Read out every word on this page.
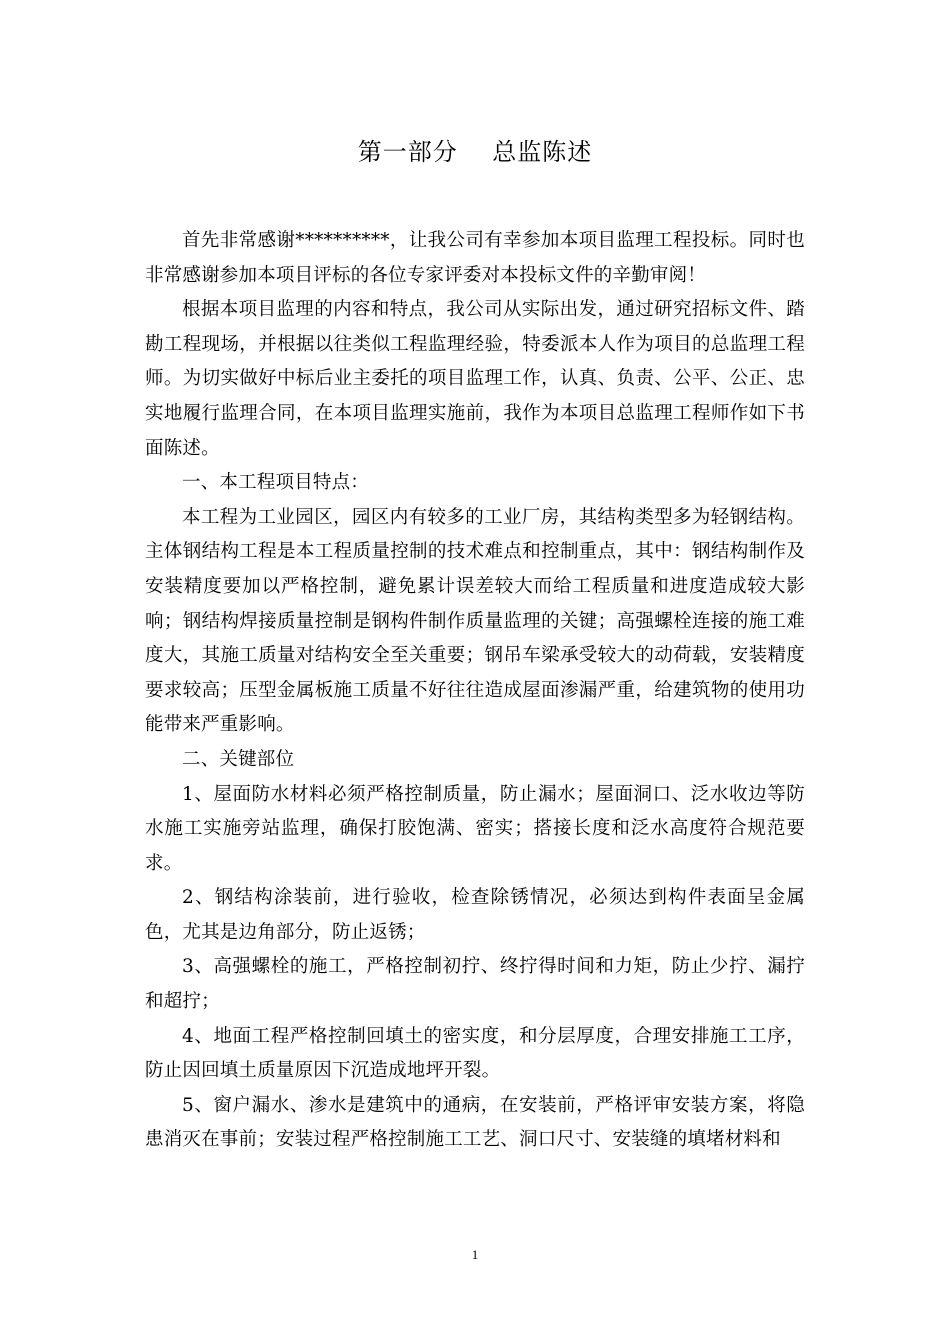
第一部分    总监陈述

首先非常感谢**********，让我公司有幸参加本项目监理工程投标。同时也非常感谢参加本项目评标的各位专家评委对本投标文件的辛勤审阅！

根据本项目监理的内容和特点，我公司从实际出发，通过研究招标文件、踏勘工程现场，并根据以往类似工程监理经验，特委派本人作为项目的总监理工程师。为切实做好中标后业主委托的项目监理工作，认真、负责、公平、公正、忠实地履行监理合同，在本项目监理实施前，我作为本项目总监理工程师作如下书面陈述。

一、本工程项目特点：

本工程为工业园区，园区内有较多的工业厂房，其结构类型多为轻钢结构。主体钢结构工程是本工程质量控制的技术难点和控制重点，其中：钢结构制作及安装精度要加以严格控制，避免累计误差较大而给工程质量和进度造成较大影响；钢结构焊接质量控制是钢构件制作质量监理的关键；高强螺栓连接的施工难度大，其施工质量对结构安全至关重要；钢吊车梁承受较大的动荷载，安装精度要求较高；压型金属板施工质量不好往往造成屋面渗漏严重，给建筑物的使用功能带来严重影响。

二、关键部位

1、屋面防水材料必须严格控制质量，防止漏水；屋面洞口、泛水收边等防水施工实施旁站监理，确保打胶饱满、密实；搭接长度和泛水高度符合规范要求。

2、钢结构涂装前，进行验收，检查除锈情况，必须达到构件表面呈金属色，尤其是边角部分，防止返锈；

3、高强螺栓的施工，严格控制初拧、终拧得时间和力矩，防止少拧、漏拧和超拧；

4、地面工程严格控制回填土的密实度，和分层厚度，合理安排施工工序，防止因回填土质量原因下沉造成地坪开裂。

5、窗户漏水、渗水是建筑中的通病，在安装前，严格评审安装方案，将隐患消灭在事前；安装过程严格控制施工工艺、洞口尺寸、安装缝的填堵材料和

1
